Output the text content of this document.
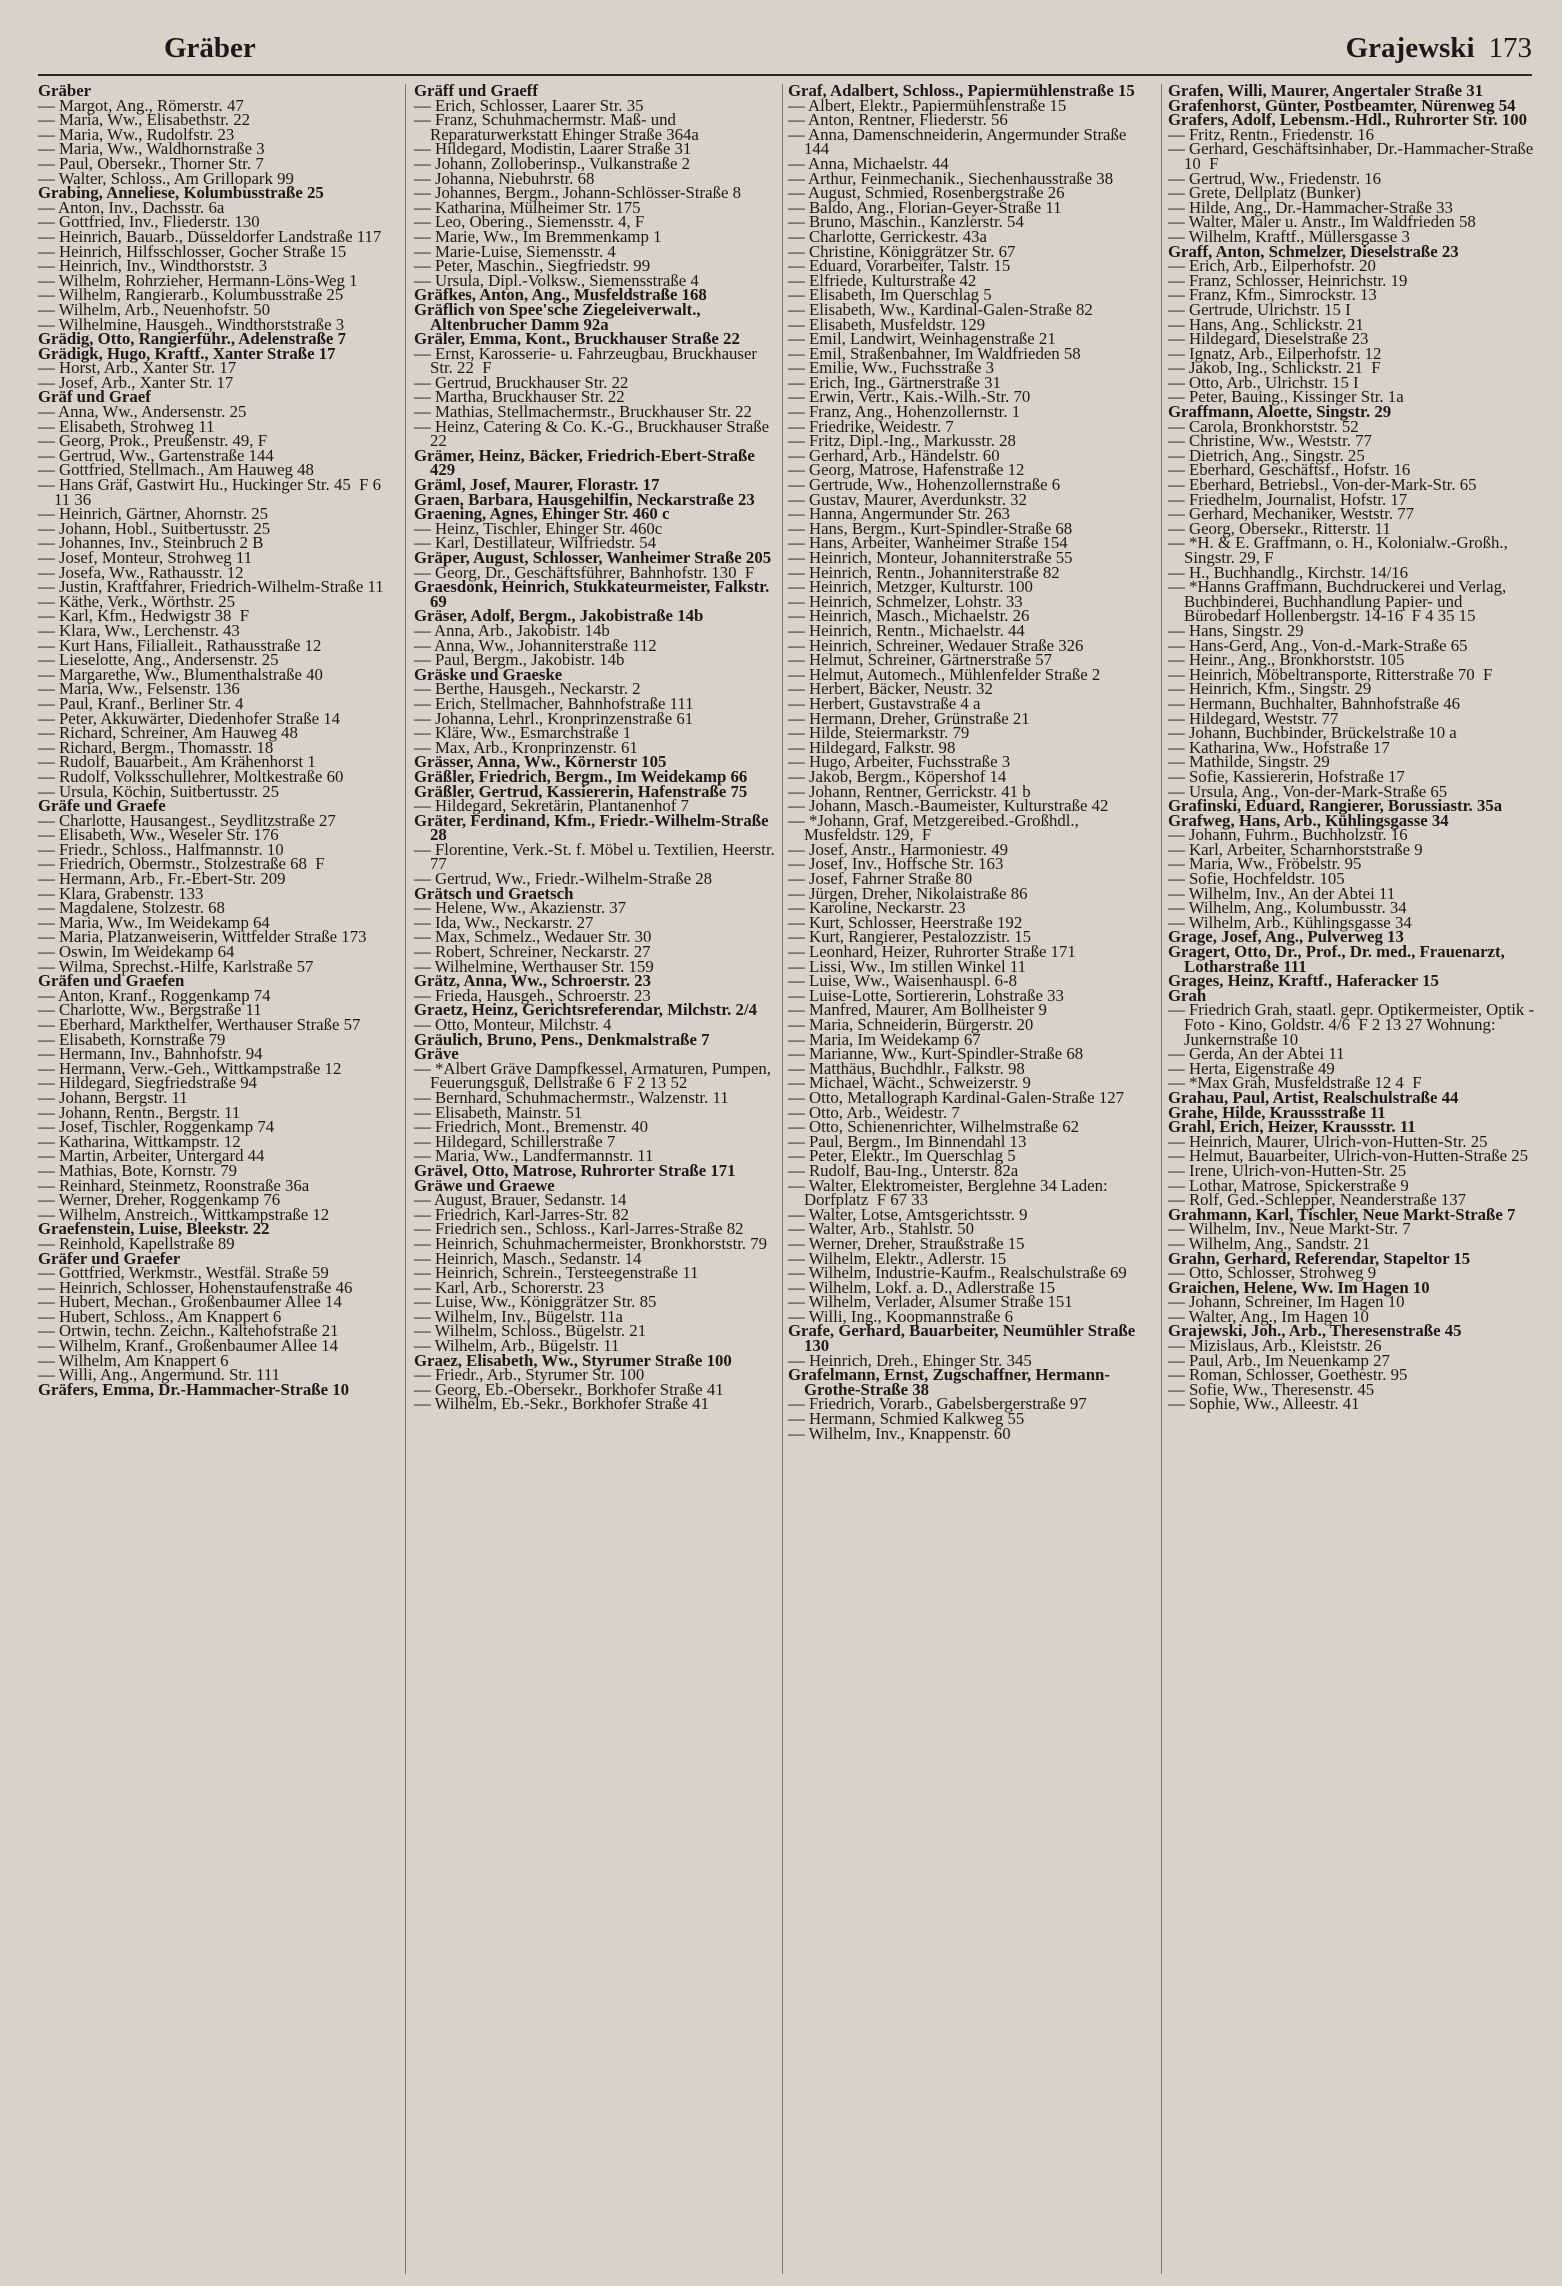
Gräber	Grajewski 173
Gräber
— Margot, Ang., Römerstr. 47
— Maria, Ww., Elisabethstr. 22
— Maria, Ww., Rudolfstr. 23
— Maria, Ww., Waldhornstraße 3
— Paul, Obersekr., Thorner Str. 7
— Walter, Schloss., Am Grillopark 99
Grabing, Anneliese, Kolumbusstraße 25
— Anton, Inv., Dachsstr. 6a
— Gottfried, Inv., Fliederstr. 130
— Heinrich, Bauarb., Düsseldorfer Landstraße 117
— Heinrich, Hilfsschlosser, Gocher Straße 15
— Heinrich, Inv., Windthorststr. 3
— Wilhelm, Rohrzieher, Hermann-Löns-Weg 1
— Wilhelm, Rangierarb., Kolumbusstraße 25
— Wilhelm, Arb., Neuenhofstr. 50
— Wilhelmine, Hausgeh., Windthorststraße 3
Grädig, Otto, Rangierführ., Adelenstraße 7
Grädigk, Hugo, Kraftf., Xanter Straße 17
— Horst, Arb., Xanter Str. 17
— Josef, Arb., Xanter Str. 17
Gräf und Graef
— Anna, Ww., Andersenstr. 25
— Elisabeth, Strohweg 11
— Georg, Prok., Preußenstr. 49, F
— Gertrud, Ww., Gartenstraße 144
— Gottfried, Stellmach., Am Hauweg 48
— Hans Gräf, Gastwirt Hu., Huckinger Str. 45  F 6 11 36
— Heinrich, Gärtner, Ahornstr. 25
— Johann, Hobl., Suitbertusstr. 25
— Johannes, Inv., Steinbruch 2 B
— Josef, Monteur, Strohweg 11
— Josefa, Ww., Rathausstr. 12
— Justin, Kraftfahrer, Friedrich-Wilhelm-Straße 11
— Käthe, Verk., Wörthstr. 25
— Karl, Kfm., Hedwigstr 38  F
— Klara, Ww., Lerchenstr. 43
— Kurt Hans, Filialleit., Rathausstraße 12
— Lieselotte, Ang., Andersenstr. 25
— Margarethe, Ww., Blumenthalstraße 40
— Maria, Ww., Felsenstr. 136
— Paul, Kranf., Berliner Str. 4
— Peter, Akkuwärter, Diedenhofer Straße 14
— Richard, Schreiner, Am Hauweg 48
— Richard, Bergm., Thomasstr. 18
— Rudolf, Bauarbeit., Am Krähenhorst 1
— Rudolf, Volksschullehrer, Moltkestraße 60
— Ursula, Köchin, Suitbertusstr. 25
Gräfe und Graefe
— Charlotte, Hausangest., Seydlitzstraße 27
— Elisabeth, Ww., Weseler Str. 176
— Friedr., Schloss., Halfmannstr. 10
— Friedrich, Obermstr., Stolzestraße 68  F
— Hermann, Arb., Fr.-Ebert-Str. 209
— Klara, Grabenstr. 133
— Magdalene, Stolzestr. 68
— Maria, Ww., Im Weidekamp 64
— Maria, Platzanweiserin, Wittfelder Straße 173
— Oswin, Im Weidekamp 64
— Wilma, Sprechst.-Hilfe, Karlstraße 57
Gräfen und Graefen
— Anton, Kranf., Roggenkamp 74
— Charlotte, Ww., Bergstraße 11
— Eberhard, Markthelfer, Werthauser Straße 57
— Elisabeth, Kornstraße 79
— Hermann, Inv., Bahnhofstr. 94
— Hermann, Verw.-Geh., Wittkampstraße 12
— Hildegard, Siegfriedstraße 94
— Johann, Bergstr. 11
— Johann, Rentn., Bergstr. 11
— Josef, Tischler, Roggenkamp 74
— Katharina, Wittkampstr. 12
— Martin, Arbeiter, Untergard 44
— Mathias, Bote, Kornstr. 79
— Reinhard, Steinmetz, Roonstraße 36a
— Werner, Dreher, Roggenkamp 76
— Wilhelm, Anstreich., Wittkampstraße 12
Graefenstein, Luise, Bleekstr. 22
— Reinhold, Kapellstraße 89
Gräfer und Graefer
— Gottfried, Werkmstr., Westfäl. Straße 59
— Heinrich, Schlosser, Hohenstaufenstraße 46
— Hubert, Mechan., Großenbaumer Allee 14
— Hubert, Schloss., Am Knappert 6
— Ortwin, techn. Zeichn., Kaltehofstraße 21
— Wilhelm, Kranf., Großenbaumer Allee 14
— Wilhelm, Am Knappert 6
— Willi, Ang., Angermund. Str. 111
Gräfers, Emma, Dr.-Hammacher-Straße 10
Gräff und Graeff
— Erich, Schlosser, Laarer Str. 35
— Franz, Schuhmachermstr. Maß- und Reparaturwerkstatt Ehinger Straße 364a
— Hildegard, Modistin, Laarer Straße 31
— Johann, Zolloberinsp., Vulkanstraße 2
— Johanna, Niebuhrstr. 68
— Johannes, Bergm., Johann-Schlösser-Straße 8
— Katharina, Mülheimer Str. 175
— Leo, Obering., Siemensstr. 4, F
— Marie, Ww., Im Bremmenkamp 1
— Marie-Luise, Siemensstr. 4
— Peter, Maschin., Siegfriedstr. 99
— Ursula, Dipl.-Volksw., Siemensstraße 4
Gräfkes, Anton, Ang., Musfeldstraße 168
Gräflich von Spee'sche Ziegeleiverwalt., Altenbrucher Damm 92a
Gräler, Emma, Kont., Bruckhauser Straße 22
— Ernst, Karosserie- u. Fahrzeugbau, Bruckhauser Str. 22  F
— Gertrud, Bruckhauser Str. 22
— Martha, Bruckhauser Str. 22
— Mathias, Stellmachermstr., Bruckhauser Str. 22
— Heinz, Catering & Co. K.-G., Bruckhauser Straße 22
Grämer, Heinz, Bäcker, Friedrich-Ebert-Straße 429
Gräml, Josef, Maurer, Florastr. 17
Graen, Barbara, Hausgehilfin, Neckarstraße 23
Graening, Agnes, Ehinger Str. 460 c
— Heinz, Tischler, Ehinger Str. 460c
— Karl, Destillateur, Wilfriedstr. 54
Gräper, August, Schlosser, Wanheimer Straße 205
— Georg, Dr., Geschäftsführer, Bahnhofstr. 130  F
Graesdonk, Heinrich, Stukkateurmeister, Falkstr. 69
Gräser, Adolf, Bergm., Jakobistraße 14b
— Anna, Arb., Jakobistr. 14b
— Anna, Ww., Johanniterstraße 112
— Paul, Bergm., Jakobistr. 14b
Gräske und Graeske
— Berthe, Hausgeh., Neckarstr. 2
— Erich, Stellmacher, Bahnhofstraße 111
— Johanna, Lehrl., Kronprinzenstraße 61
— Kläre, Ww., Esmarchstraße 1
— Max, Arb., Kronprinzenstr. 61
Grässer, Anna, Ww., Körnerstr 105
Gräßler, Friedrich, Bergm., Im Weidekamp 66
Gräßler, Gertrud, Kassiererin, Hafenstraße 75
— Hildegard, Sekretärin, Plantanenhof 7
Gräter, Ferdinand, Kfm., Friedr.-Wilhelm-Straße 28
— Florentine, Verk.-St. f. Möbel u. Textilien, Heerstr. 77
— Gertrud, Ww., Friedr.-Wilhelm-Straße 28
Grätsch und Graetsch
— Helene, Ww., Akazienstr. 37
— Ida, Ww., Neckarstr. 27
— Max, Schmelz., Wedauer Str. 30
— Robert, Schreiner, Neckarstr. 27
— Wilhelmine, Werthauser Str. 159
Grätz, Anna, Ww., Schroerstr. 23
— Frieda, Hausgeh., Schroerstr. 23
Graetz, Heinz, Gerichtsreferendar, Milchstr. 2/4
— Otto, Monteur, Milchstr. 4
Gräulich, Bruno, Pens., Denkmalstraße 7
Gräve
— *Albert Gräve Dampfkessel, Armaturen, Pumpen, Feuerungsguß, Dellstraße 6  F 2 13 52
— Bernhard, Schuhmachermstr., Walzenstr. 11
— Elisabeth, Mainstr. 51
— Friedrich, Mont., Bremenstr. 40
— Hildegard, Schillerstraße 7
— Maria, Ww., Landfermannstr. 11
Grävel, Otto, Matrose, Ruhrorter Straße 171
Gräwe und Graewe
— August, Brauer, Sedanstr. 14
— Friedrich, Karl-Jarres-Str. 82
— Friedrich sen., Schloss., Karl-Jarres-Straße 82
— Heinrich, Schuhmachermeister, Bronkhorststr. 79
— Heinrich, Masch., Sedanstr. 14
— Heinrich, Schrein., Tersteegenstraße 11
— Karl, Arb., Schorerstr. 23
— Luise, Ww., Königgrätzer Str. 85
— Wilhelm, Inv., Bügelstr. 11a
— Wilhelm, Schloss., Bügelstr. 21
— Wilhelm, Arb., Bügelstr. 11
Graez, Elisabeth, Ww., Styrumer Straße 100
— Friedr., Arb., Styrumer Str. 100
— Georg, Eb.-Obersekr., Borkhofer Straße 41
— Wilhelm, Eb.-Sekr., Borkhofer Straße 41
Graf, Adalbert, Schloss., Papiermühlenstraße 15
— Albert, Elektr., Papiermühlenstraße 15
— Anton, Rentner, Fliederstr. 56
— Anna, Damenschneiderin, Angermunder Straße 144
— Anna, Michaelstr. 44
— Arthur, Feinmechanik., Siechenhausstraße 38
— August, Schmied, Rosenbergstraße 26
— Baldo, Ang., Florian-Geyer-Straße 11
— Bruno, Maschin., Kanzlerstr. 54
— Charlotte, Gerrickestr. 43a
— Christine, Königgrätzer Str. 67
— Eduard, Vorarbeiter, Talstr. 15
— Elfriede, Kulturstraße 42
— Elisabeth, Im Querschlag 5
— Elisabeth, Ww., Kardinal-Galen-Straße 82
— Elisabeth, Musfeldstr. 129
— Emil, Landwirt, Weinhagenstraße 21
— Emil, Straßenbahner, Im Waldfrieden 58
— Emilie, Ww., Fuchsstraße 3
— Erich, Ing., Gärtnerstraße 31
— Erwin, Vertr., Kais.-Wilh.-Str. 70
— Franz, Ang., Hohenzollernstr. 1
— Friedrike, Weidestr. 7
— Fritz, Dipl.-Ing., Markusstr. 28
— Gerhard, Arb., Händelstr. 60
— Georg, Matrose, Hafenstraße 12
— Gertrude, Ww., Hohenzollernstraße 6
— Gustav, Maurer, Averdunkstr. 32
— Hanna, Angermunder Str. 263
— Hans, Bergm., Kurt-Spindler-Straße 68
— Hans, Arbeiter, Wanheimer Straße 154
— Heinrich, Monteur, Johanniterstraße 55
— Heinrich, Rentn., Johanniterstraße 82
— Heinrich, Metzger, Kulturstr. 100
— Heinrich, Schmelzer, Lohstr. 33
— Heinrich, Masch., Michaelstr. 26
— Heinrich, Rentn., Michaelstr. 44
— Heinrich, Schreiner, Wedauer Straße 326
— Helmut, Schreiner, Gärtnerstraße 57
— Helmut, Automech., Mühlenfelder Straße 2
— Herbert, Bäcker, Neustr. 32
— Herbert, Gustavstraße 4 a
— Hermann, Dreher, Grünstraße 21
— Hilde, Steiermarkstr. 79
— Hildegard, Falkstr. 98
— Hugo, Arbeiter, Fuchsstraße 3
— Jakob, Bergm., Köpershof 14
— Johann, Rentner, Gerrickstr. 41 b
— Johann, Masch.-Baumeister, Kulturstraße 42
— *Johann, Graf, Metzgereibed.-Großhdl., Musfeldstr. 129,  F
— Josef, Anstr., Harmoniestr. 49
— Josef, Inv., Hoffsche Str. 163
— Josef, Fahrner Straße 80
— Jürgen, Dreher, Nikolaistraße 86
— Karoline, Neckarstr. 23
— Kurt, Schlosser, Heerstraße 192
— Kurt, Rangierer, Pestalozzistr. 15
— Leonhard, Heizer, Ruhrorter Straße 171
— Lissi, Ww., Im stillen Winkel 11
— Luise, Ww., Waisenhauspl. 6-8
— Luise-Lotte, Sortiererin, Lohstraße 33
— Manfred, Maurer, Am Bollheister 9
— Maria, Schneiderin, Bürgerstr. 20
— Maria, Im Weidekamp 67
— Marianne, Ww., Kurt-Spindler-Straße 68
— Matthäus, Buchdhlr., Falkstr. 98
— Michael, Wächt., Schweizerstr. 9
— Otto, Metallograph Kardinal-Galen-Straße 127
— Otto, Arb., Weidestr. 7
— Otto, Schienenrichter, Wilhelmstraße 62
— Paul, Bergm., Im Binnendahl 13
— Peter, Elektr., Im Querschlag 5
— Rudolf, Bau-Ing., Unterstr. 82a
— Walter, Elektromeister, Berglehne 34 Laden: Dorfplatz  F 67 33
— Walter, Lotse, Amtsgerichtsstr. 9
— Walter, Arb., Stahlstr. 50
— Werner, Dreher, Straußstraße 15
— Wilhelm, Elektr., Adlerstr. 15
— Wilhelm, Industrie-Kaufm., Realschulstraße 69
— Wilhelm, Lokf. a. D., Adlerstraße 15
— Wilhelm, Verlader, Alsumer Straße 151
— Willi, Ing., Koopmannstraße 6
Grafe, Gerhard, Bauarbeiter, Neumühler Straße 130
— Heinrich, Dreh., Ehinger Str. 345
Grafelmann, Ernst, Zugschaffner, Hermann-Grothe-Straße 38
— Friedrich, Vorarb., Gabelsbergerstraße 97
— Hermann, Schmied Kalkweg 55
— Wilhelm, Inv., Knappenstr. 60
Grafen, Willi, Maurer, Angertaler Straße 31
Grafenhorst, Günter, Postbeamter, Nürenweg 54
Grafers, Adolf, Lebensm.-Hdl., Ruhrorter Str. 100
— Fritz, Rentn., Friedenstr. 16
— Gerhard, Geschäftsinhaber, Dr.-Hammacher-Straße 10  F
— Gertrud, Ww., Friedenstr. 16
— Grete, Dellplatz (Bunker)
— Hilde, Ang., Dr.-Hammacher-Straße 33
— Walter, Maler u. Anstr., Im Waldfrieden 58
— Wilhelm, Kraftf., Müllersgasse 3
Graff, Anton, Schmelzer, Dieselstraße 23
— Erich, Arb., Eilperhofstr. 20
— Franz, Schlosser, Heinrichstr. 19
— Franz, Kfm., Simrockstr. 13
— Gertrude, Ulrichstr. 15 I
— Hans, Ang., Schlickstr. 21
— Hildegard, Dieselstraße 23
— Ignatz, Arb., Eilperhofstr. 12
— Jakob, Ing., Schlickstr. 21  F
— Otto, Arb., Ulrichstr. 15 I
— Peter, Bauing., Kissinger Str. 1a
Graffmann, Aloette, Singstr. 29
— Carola, Bronkhorststr. 52
— Christine, Ww., Weststr. 77
— Dietrich, Ang., Singstr. 25
— Eberhard, Geschäftsf., Hofstr. 16
— Eberhard, Betriebsl., Von-der-Mark-Str. 65
— Friedhelm, Journalist, Hofstr. 17
— Gerhard, Mechaniker, Weststr. 77
— Georg, Obersekr., Ritterstr. 11
— *H. & E. Graffmann, o. H., Kolonialw.-Großh., Singstr. 29, F
— H., Buchhandlg., Kirchstr. 14/16
— *Hanns Graffmann, Buchdruckerei und Verlag, Buchbinderei, Buchhandlung Papier- und Bürobedarf Hollenbergstr. 14-16  F 4 35 15
— Hans, Singstr. 29
— Hans-Gerd, Ang., Von-d.-Mark-Straße 65
— Heinr., Ang., Bronkhorststr. 105
— Heinrich, Möbeltransporte, Ritterstraße 70  F
— Heinrich, Kfm., Singstr. 29
— Hermann, Buchhalter, Bahnhofstraße 46
— Hildegard, Weststr. 77
— Johann, Buchbinder, Brückelstraße 10 a
— Katharina, Ww., Hofstraße 17
— Mathilde, Singstr. 29
— Sofie, Kassiererin, Hofstraße 17
— Ursula, Ang., Von-der-Mark-Straße 65
Grafinski, Eduard, Rangierer, Borussiastr. 35a
Grafweg, Hans, Arb., Kühlingsgasse 34
— Johann, Fuhrm., Buchholzstr. 16
— Karl, Arbeiter, Scharnhorststraße 9
— Maria, Ww., Fröbelstr. 95
— Sofie, Hochfeldstr. 105
— Wilhelm, Inv., An der Abtei 11
— Wilhelm, Ang., Kolumbusstr. 34
— Wilhelm, Arb., Kühlingsgasse 34
Grage, Josef, Ang., Pulverweg 13
Gragert, Otto, Dr., Prof., Dr. med., Frauenarzt, Lotharstraße 111
Grages, Heinz, Kraftf., Haferacker 15
Grah
— Friedrich Grah, staatl. gepr. Optikermeister, Optik - Foto - Kino, Goldstr. 4/6  F 2 13 27 Wohnung: Junkernstraße 10
— Gerda, An der Abtei 11
— Herta, Eigenstraße 49
— *Max Grah, Musfeldstraße 12 4  F
Grahau, Paul, Artist, Realschulstraße 44
Grahe, Hilde, Kraussstraße 11
Grahl, Erich, Heizer, Kraussstr. 11
— Heinrich, Maurer, Ulrich-von-Hutten-Str. 25
— Helmut, Bauarbeiter, Ulrich-von-Hutten-Straße 25
— Irene, Ulrich-von-Hutten-Str. 25
— Lothar, Matrose, Spickerstraße 9
— Rolf, Ged.-Schlepper, Neanderstraße 137
Grahmann, Karl, Tischler, Neue Markt-Straße 7
— Wilhelm, Inv., Neue Markt-Str. 7
— Wilhelm, Ang., Sandstr. 21
Grahn, Gerhard, Referendar, Stapeltor 15
— Otto, Schlosser, Strohweg 9
Graichen, Helene, Ww. Im Hagen 10
— Johann, Schreiner, Im Hagen 10
— Walter, Ang., Im Hagen 10
Grajewski, Joh., Arb., Theresenstraße 45
— Mizislaus, Arb., Kleiststr. 26
— Paul, Arb., Im Neuenkamp 27
— Roman, Schlosser, Goethestr. 95
— Sofie, Ww., Theresenstr. 45
— Sophie, Ww., Alleestr. 41
